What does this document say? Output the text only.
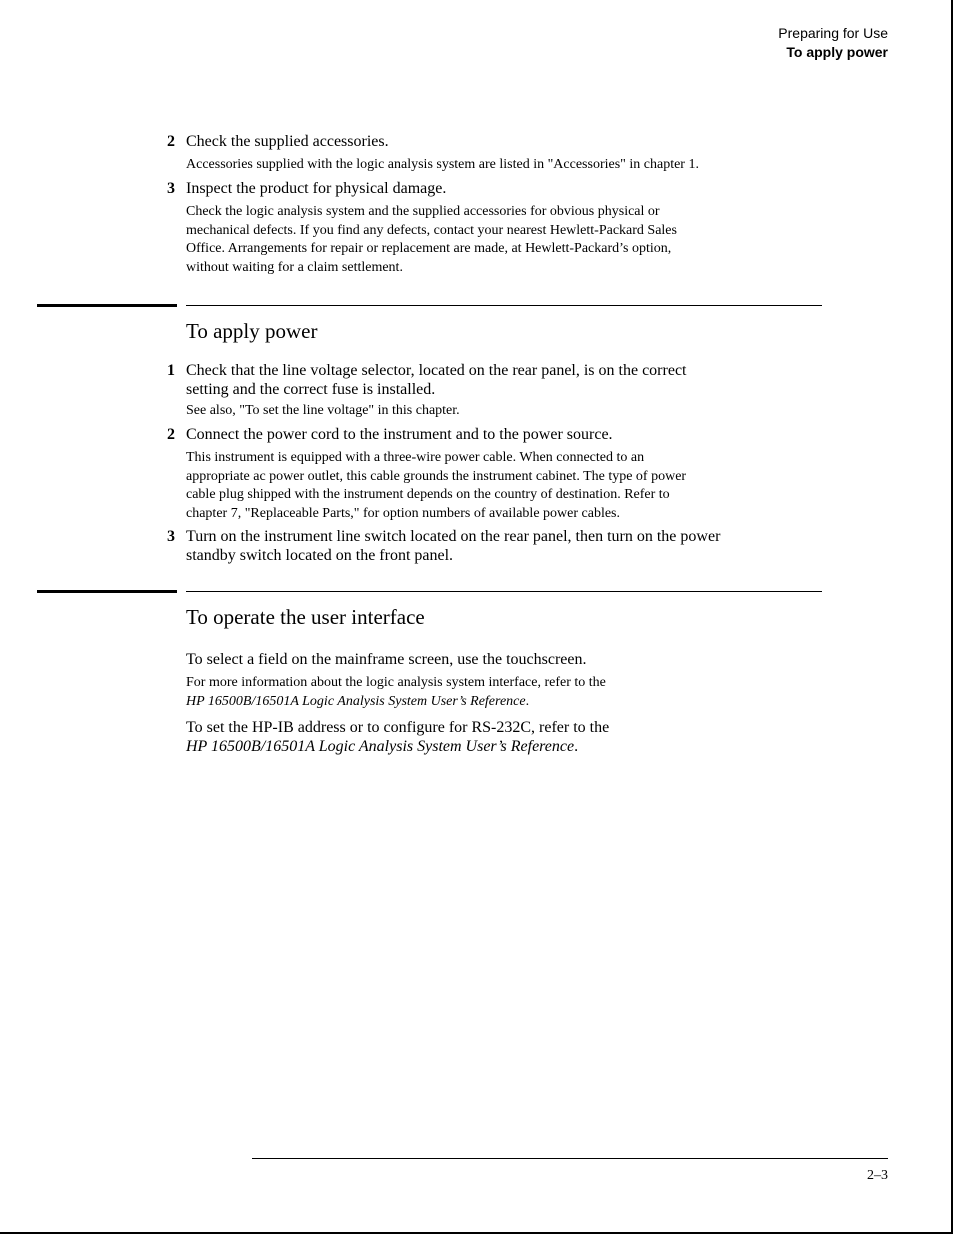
Preparing for Use
To apply power
2 Check the supplied accessories.
Accessories supplied with the logic analysis system are listed in "Accessories" in chapter 1.
3 Inspect the product for physical damage.
Check the logic analysis system and the supplied accessories for obvious physical or
mechanical defects. If you find any defects, contact your nearest Hewlett-Packard Sales
Office. Arrangements for repair or replacement are made, at Hewlett-Packard’s option,
without waiting for a claim settlement.
To apply power
1 Check that the line voltage selector, located on the rear panel, is on the correct
setting and the correct fuse is installed.
See also, "To set the line voltage" in this chapter.
2 Connect the power cord to the instrument and to the power source.
This instrument is equipped with a three-wire power cable. When connected to an
appropriate ac power outlet, this cable grounds the instrument cabinet. The type of power
cable plug shipped with the instrument depends on the country of destination. Refer to
chapter 7, "Replaceable Parts," for option numbers of available power cables.
3 Turn on the instrument line switch located on the rear panel, then turn on the power
standby switch located on the front panel.
To operate the user interface
To select a field on the mainframe screen, use the touchscreen.
For more information about the logic analysis system interface, refer to the
HP 16500B/16501A Logic Analysis System User’s Reference.
To set the HP-IB address or to configure for RS-232C, refer to the
HP 16500B/16501A Logic Analysis System User’s Reference.
2–3
